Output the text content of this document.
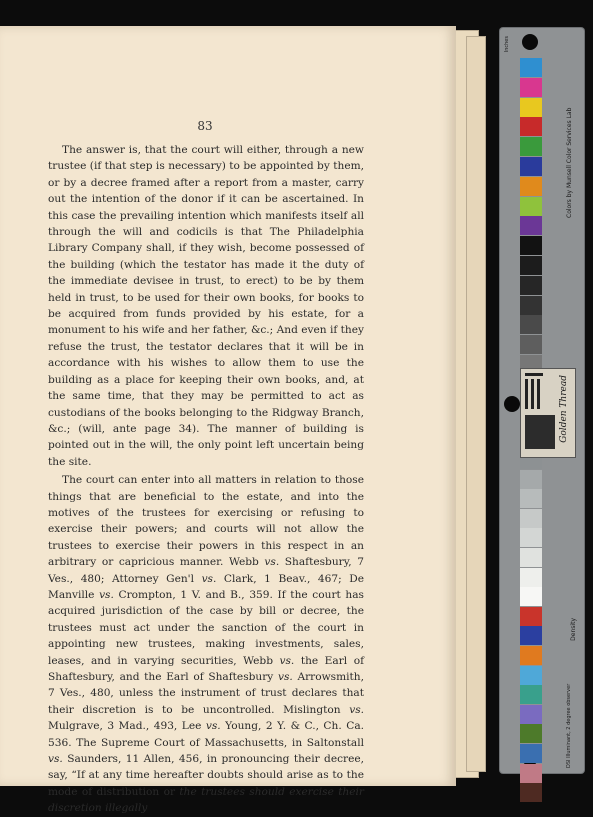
83

The answer is, that the court will either, through a new trustee (if that step is necessary) to be appointed by them, or by a decree framed after a report from a master, carry out the intention of the donor if it can be ascertained. In this case the prevailing intention which manifests itself all through the will and codicils is that The Philadelphia Library Company shall, if they wish, become possessed of the building (which the testator has made it the duty of the immediate devisee in trust, to erect) to be by them held in trust, to be used for their own books, for books to be acquired from funds provided by his estate, for a monument to his wife and her father, &c.; And even if they refuse the trust, the testator declares that it will be in accordance with his wishes to allow them to use the building as a place for keeping their own books, and, at the same time, that they may be permitted to act as custodians of the books belonging to the Ridgway Branch, &c.; (will, ante page 34). The manner of building is pointed out in the will, the only point left uncertain being the site.

The court can enter into all matters in relation to those things that are beneficial to the estate, and into the motives of the trustees for exercising or refusing to exercise their powers; and courts will not allow the trustees to exercise their powers in this respect in an arbitrary or capricious manner. Webb vs. Shaftesbury, 7 Ves., 480; Attorney Gen'l vs. Clark, 1 Beav., 467; De Manville vs. Crompton, 1 V. and B., 359. If the court has acquired jurisdiction of the case by bill or decree, the trustees must act under the sanction of the court in appointing new trustees, making investments, sales, leases, and in varying securities, Webb vs. the Earl of Shaftesbury, and the Earl of Shaftesbury vs. Arrowsmith, 7 Ves., 480, unless the instrument of trust declares that their discretion is to be uncontrolled. Mislington vs. Mulgrave, 3 Mad., 493, Lee vs. Young, 2 Y. & C., Ch. Ca. 536. The Supreme Court of Massachusetts, in Saltonstall vs. Saunders, 11 Allen, 456, in pronouncing their decree, say, “If at any time hereafter doubts should arise as to the mode of distribution or the trustees should exercise their discretion illegally

Colors by Munsell Color Services Lab
Density
DSI Illuminant, 2 degree observer
Inches
Golden Thread
